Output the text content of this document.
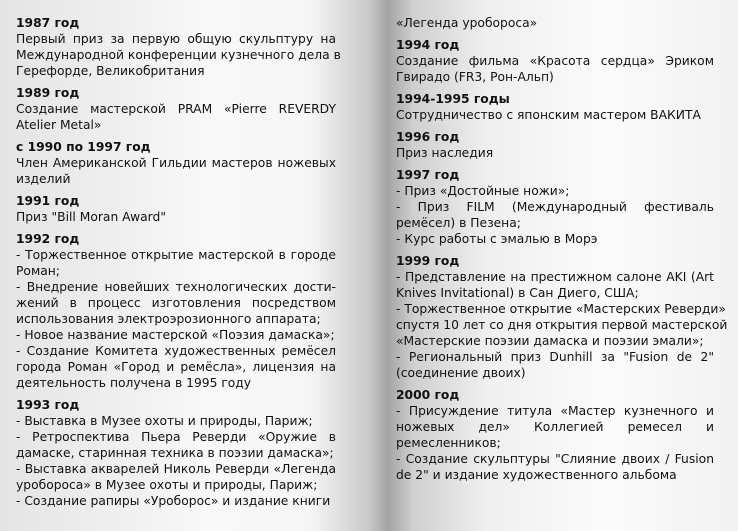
1987 год
Первый приз за первую общую скульптуру на
Международной конференции кузнечного дела в
Герефорде, Великобритания
1989 год
Создание мастерской PRAM «Pierre REVERDY
Atelier Metal»
с 1990 по 1997 год
Член Американской Гильдии мастеров ножевых
изделий
1991 год
Приз "Bill Moran Award"
1992 год
- Торжественное открытие мастерской в городе
Роман;
- Внедрение новейших технологических дости-
жений в процесс изготовления посредством
использования электроэрозионного аппарата;
- Новое название мастерской «Поэзия дамаска»;
- Создание Комитета художественных ремёсел
города Роман «Город и ремёсла», лицензия на
деятельность получена в 1995 году
1993 год
- Выставка в Музее охоты и природы, Париж;
- Ретроспектива Пьера Реверди «Оружие в
дамаске, старинная техника в поэзии дамаска»;
- Выставка акварелей Николь Реверди «Легенда
уробороса» в Музее охоты и природы, Париж;
- Создание рапиры «Уроборос» и издание книги
«Легенда уробороса»
1994 год
Создание фильма «Красота сердца» Эриком
Гвирадо (FR3, Рон-Альп)
1994-1995 годы
Сотрудничество с японским мастером ВАКИТА
1996 год
Приз наследия
1997 год
- Приз «Достойные ножи»;
- Приз FILM (Международный фестиваль
ремёсел) в Пезена;
- Курс работы с эмалью в Морэ
1999 год
- Представление на престижном салоне AKI (Art
Knives Invitational) в Сан Диего, США;
- Торжественное открытие «Мастерских Реверди»
спустя 10 лет со дня открытия первой мастерской
«Мастерские поэзии дамаска и поэзии эмали»;
- Региональный приз Dunhill за "Fusion de 2"
(соединение двоих)
2000 год
- Присуждение титула «Мастер кузнечного и
ножевых дел» Коллегией ремесел и
ремесленников;
- Создание скульптуры "Слияние двоих / Fusion
de 2" и издание художественного альбома
